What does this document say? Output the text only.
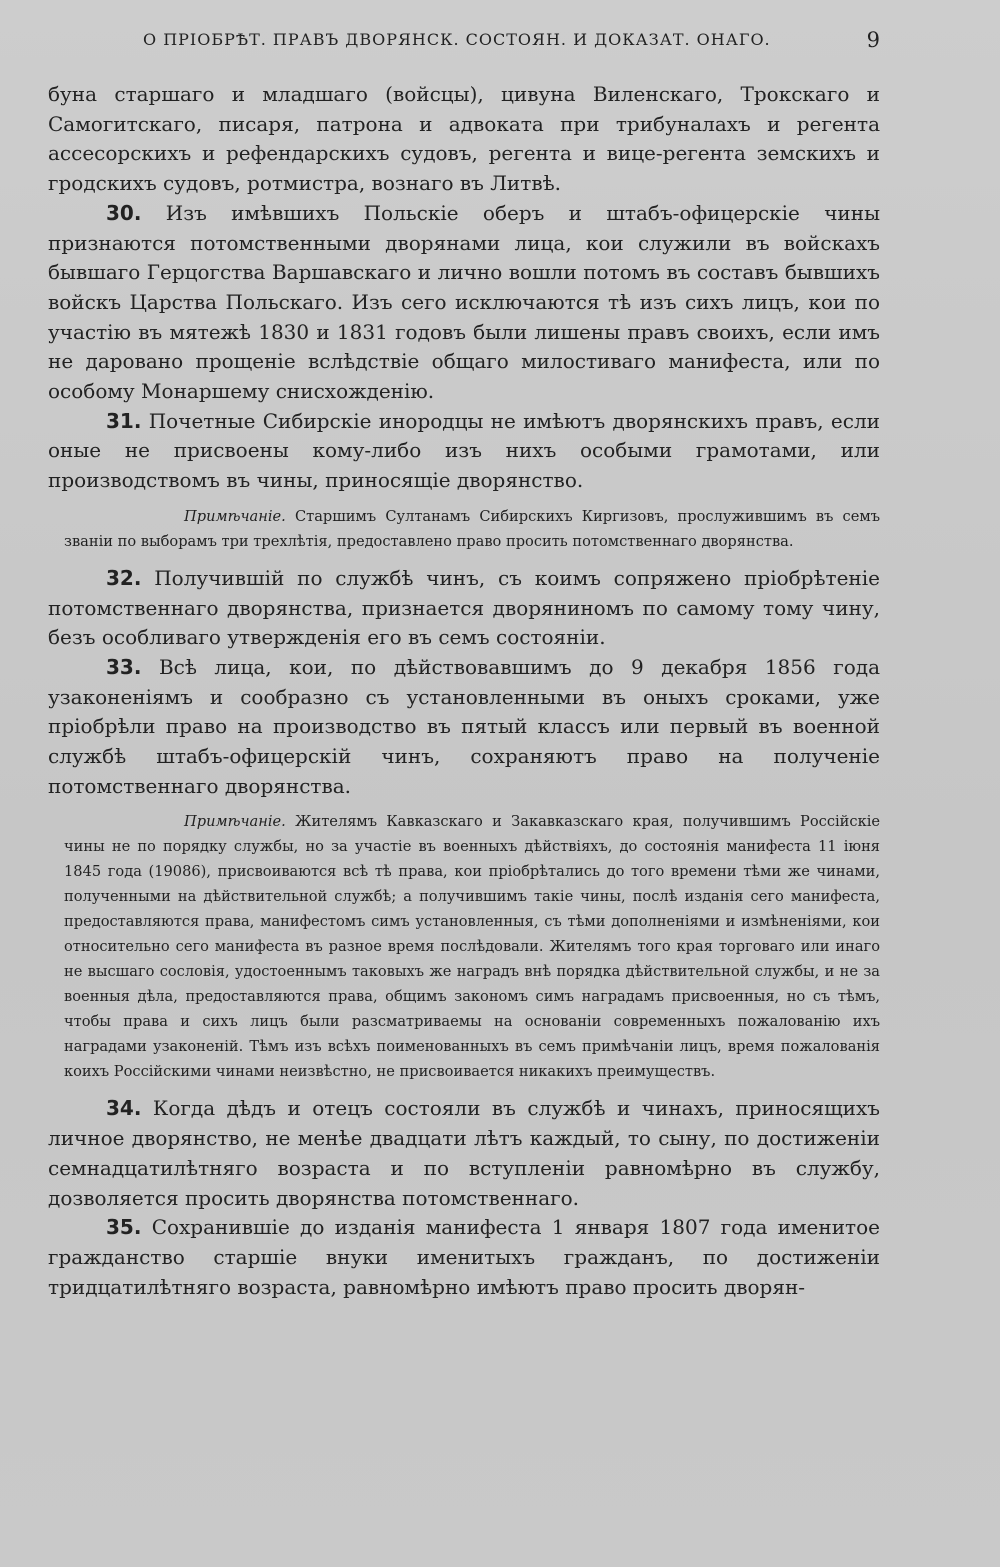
О ПРІОБРѢТ. ПРАВЪ ДВОРЯНСК. СОСТОЯН. И ДОКАЗАТ. ОНАГО.	9

буна старшаго и младшаго (войсцы), цивуна Виленскаго, Трокскаго и Самогитскаго, писаря, патрона и адвоката при трибуналахъ и регента ассесорскихъ и рефендарскихъ судовъ, регента и вице-регента земскихъ и гродскихъ судовъ, ротмистра, вознаго въ Литвѣ.

30. Изъ имѣвшихъ Польскіе оберъ и штабъ-офицерскіе чины признаются потомственными дворянами лица, кои служили въ войскахъ бывшаго Герцогства Варшавскаго и лично вошли потомъ въ составъ бывшихъ войскъ Царства Польскаго. Изъ сего исключаются тѣ изъ сихъ лицъ, кои по участію въ мятежѣ 1830 и 1831 годовъ были лишены правъ своихъ, если имъ не даровано прощеніе вслѣдствіе общаго милостиваго манифеста, или по особому Монаршему снисхожденію.

31. Почетные Сибирскіе инородцы не имѣютъ дворянскихъ правъ, если оные не присвоены кому-либо изъ нихъ особыми грамотами, или производствомъ въ чины, приносящіе дворянство.

Примѣчаніе. Старшимъ Султанамъ Сибирскихъ Киргизовъ, прослужившимъ въ семъ званіи по выборамъ три трехлѣтія, предоставлено право просить потомственнаго дворянства.

32. Получившій по службѣ чинъ, съ коимъ сопряжено пріобрѣтеніе потомственнаго дворянства, признается дворяниномъ по самому тому чину, безъ особливаго утвержденія его въ семъ состояніи.

33. Всѣ лица, кои, по дѣйствовавшимъ до 9 декабря 1856 года узаконеніямъ и сообразно съ установленными въ оныхъ сроками, уже пріобрѣли право на производство въ пятый классъ или первый въ военной службѣ штабъ-офицерскій чинъ, сохраняютъ право на полученіе потомственнаго дворянства.

Примѣчаніе. Жителямъ Кавказскаго и Закавказскаго края, получившимъ Россійскіе чины не по порядку службы, но за участіе въ военныхъ дѣйствіяхъ, до состоянія манифеста 11 іюня 1845 года (19086), присвоиваются всѣ тѣ права, кои пріобрѣтались до того времени тѣми же чинами, полученными на дѣйствительной службѣ; а получившимъ такіе чины, послѣ изданія сего манифеста, предоставляются права, манифестомъ симъ установленныя, съ тѣми дополненіями и измѣненіями, кои относительно сего манифеста въ разное время послѣдовали. Жителямъ того края торговаго или инаго не высшаго сословія, удостоеннымъ таковыхъ же наградъ внѣ порядка дѣйствительной службы, и не за военныя дѣла, предоставляются права, общимъ закономъ симъ наградамъ присвоенныя, но съ тѣмъ, чтобы права и сихъ лицъ были разсматриваемы на основаніи современныхъ пожалованію ихъ наградами узаконеній. Тѣмъ изъ всѣхъ поименованныхъ въ семъ примѣчаніи лицъ, время пожалованія коихъ Россійскими чинами неизвѣстно, не присвоивается никакихъ преимуществъ.

34. Когда дѣдъ и отецъ состояли въ службѣ и чинахъ, приносящихъ личное дворянство, не менѣе двадцати лѣтъ каждый, то сыну, по достиженіи семнадцатилѣтняго возраста и по вступленіи равномѣрно въ службу, дозволяется просить дворянства потомственнаго.

35. Сохранившіе до изданія манифеста 1 января 1807 года именитое гражданство старшіе внуки именитыхъ гражданъ, по достиженіи тридцатилѣтняго возраста, равномѣрно имѣютъ право просить дворян-
